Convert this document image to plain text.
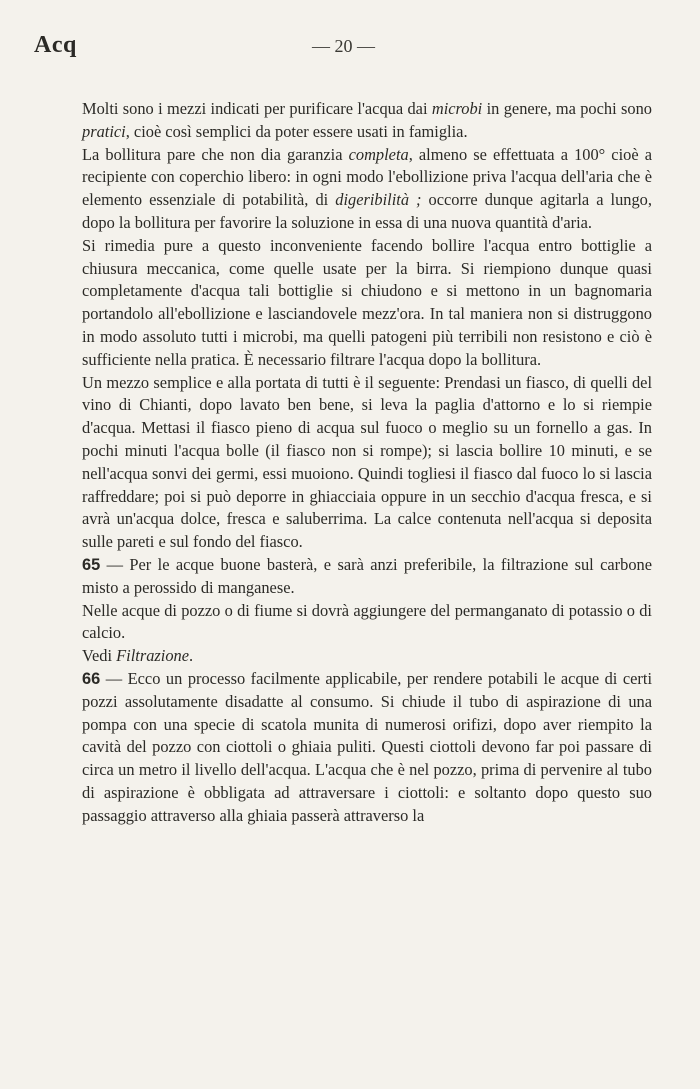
Acq	— 20 —

Molti sono i mezzi indicati per purificare l'acqua dai microbi in genere, ma pochi sono pratici, cioè così semplici da poter essere usati in famiglia.

La bollitura pare che non dia garanzia completa, almeno se effettuata a 100° cioè a recipiente con coperchio libero: in ogni modo l'ebollizione priva l'acqua dell'aria che è elemento essenziale di potabilità, di digeribilità ; occorre dunque agitarla a lungo, dopo la bollitura per favorire la soluzione in essa di una nuova quantità d'aria.

Si rimedia pure a questo inconveniente facendo bollire l'acqua entro bottiglie a chiusura meccanica, come quelle usate per la birra. Si riempiono dunque quasi completamente d'acqua tali bottiglie si chiudono e si mettono in un bagnomaria portandolo all'ebollizione e lasciandovele mezz'ora. In tal maniera non si distruggono in modo assoluto tutti i microbi, ma quelli patogeni più terribili non resistono e ciò è sufficiente nella pratica. È necessario filtrare l'acqua dopo la bollitura.

Un mezzo semplice e alla portata di tutti è il seguente: Prendasi un fiasco, di quelli del vino di Chianti, dopo lavato ben bene, si leva la paglia d'attorno e lo si riempie d'acqua. Mettasi il fiasco pieno di acqua sul fuoco o meglio su un fornello a gas. In pochi minuti l'acqua bolle (il fiasco non si rompe); si lascia bollire 10 minuti, e se nell'acqua sonvi dei germi, essi muoiono. Quindi togliesi il fiasco dal fuoco lo si lascia raffreddare; poi si può deporre in ghiacciaia oppure in un secchio d'acqua fresca, e si avrà un'acqua dolce, fresca e saluberrima. La calce contenuta nell'acqua si deposita sulle pareti e sul fondo del fiasco.

65 — Per le acque buone basterà, e sarà anzi preferibile, la filtrazione sul carbone misto a perossido di manganese.

Nelle acque di pozzo o di fiume si dovrà aggiungere del permanganato di potassio o di calcio.

Vedi Filtrazione.

66 — Ecco un processo facilmente applicabile, per rendere potabili le acque di certi pozzi assolutamente disadatte al consumo. Si chiude il tubo di aspirazione di una pompa con una specie di scatola munita di numerosi orifizi, dopo aver riempito la cavità del pozzo con ciottoli o ghiaia puliti. Questi ciottoli devono far poi passare di circa un metro il livello dell'acqua. L'acqua che è nel pozzo, prima di pervenire al tubo di aspirazione è obbligata ad attraversare i ciottoli: e soltanto dopo questo suo passaggio attraverso alla ghiaia passerà attraverso la
